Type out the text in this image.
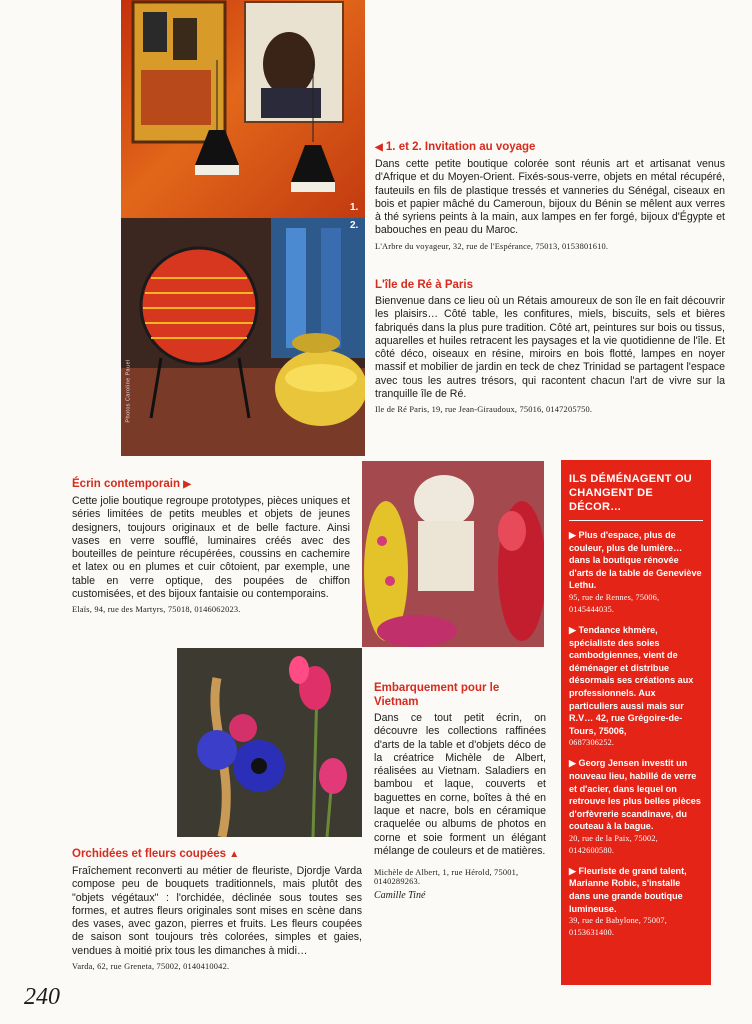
1.
2.
Photos Caroline Pauel

◀ 1. et 2. Invitation au voyage

Dans cette petite boutique colorée sont réunis art et artisanat venus d'Afrique et du Moyen-Orient. Fixés-sous-verre, objets en métal récupéré, fauteuils en fils de plastique tressés et vanneries du Sénégal, ciseaux en bois et papier mâché du Cameroun, bijoux du Bénin se mêlent aux verres à thé syriens peints à la main, aux lampes en fer forgé, bijoux d'Égypte et babouches en peau du Maroc.

L'Arbre du voyageur, 32, rue de l'Espérance, 75013, 0153801610.

L'île de Ré à Paris

Bienvenue dans ce lieu où un Rétais amoureux de son île en fait découvrir les plaisirs… Côté table, les confitures, miels, biscuits, sels et bières fabriqués dans la plus pure tradition. Côté art, peintures sur bois ou tissus, aquarelles et huiles retracent les paysages et la vie quotidienne de l'île. Et côté déco, oiseaux en résine, miroirs en bois flotté, lampes en noyer massif et mobilier de jardin en teck de chez Trinidad se partagent l'espace avec tous les autres trésors, qui racontent chacun l'art de vivre sur la tranquille île de Ré.

Ile de Ré Paris, 19, rue Jean-Giraudoux, 75016, 0147205750.

Écrin contemporain ▶

Cette jolie boutique regroupe prototypes, pièces uniques et séries limitées de petits meubles et objets de jeunes designers, toujours originaux et de belle facture. Ainsi vases en verre soufflé, luminaires créés avec des bouteilles de peinture récupérées, coussins en cachemire et latex ou en plumes et cuir côtoient, par exemple, une table en verre optique, des poupées de chiffon customisées, et des bijoux fantaisie ou contemporains.

Elaïs, 94, rue des Martyrs, 75018, 0146062023.
ILS DÉMÉNAGENT OU CHANGENT DE DÉCOR…
▶ Plus d'espace, plus de couleur, plus de lumière… dans la boutique rénovée d'arts de la table de Geneviève Lethu.
95, rue de Rennes, 75006, 0145444035.
▶ Tendance khmère, spécialiste des soies cambodgiennes, vient de déménager et distribue désormais ses créations aux professionnels. Aux particuliers aussi mais sur R.V… 42, rue Grégoire-de-Tours, 75006,
0687306252.
▶ Georg Jensen investit un nouveau lieu, habillé de verre et d'acier, dans lequel on retrouve les plus belles pièces d'orfèvrerie scandinave, du couteau à la bague.
20, rue de la Paix, 75002, 0142600580.
▶ Fleuriste de grand talent, Marianne Robic, s'installe dans une grande boutique lumineuse.
39, rue de Babylone, 75007, 0153631400.

Embarquement pour le Vietnam

Dans ce tout petit écrin, on découvre les collections raffinées d'arts de la table et d'objets déco de la créatrice Michèle de Albert, réalisées au Vietnam. Saladiers en bambou et laque, couverts et baguettes en corne, boîtes à thé en laque et nacre, bols en céramique craquelée ou albums de photos en corne et soie forment un élégant mélange de couleurs et de matières.

Michèle de Albert, 1, rue Hérold, 75001, 0140289263.
Camille Tiné

Orchidées et fleurs coupées ▲

Fraîchement reconverti au métier de fleuriste, Djordje Varda compose peu de bouquets traditionnels, mais plutôt des "objets végétaux" : l'orchidée, déclinée sous toutes ses formes, et autres fleurs originales sont mises en scène dans des vases, avec gazon, pierres et fruits. Les fleurs coupées de saison sont toujours très colorées, simples et gaies, vendues à moitié prix tous les dimanches à midi…

Varda, 62, rue Greneta, 75002, 0140410042.
240
